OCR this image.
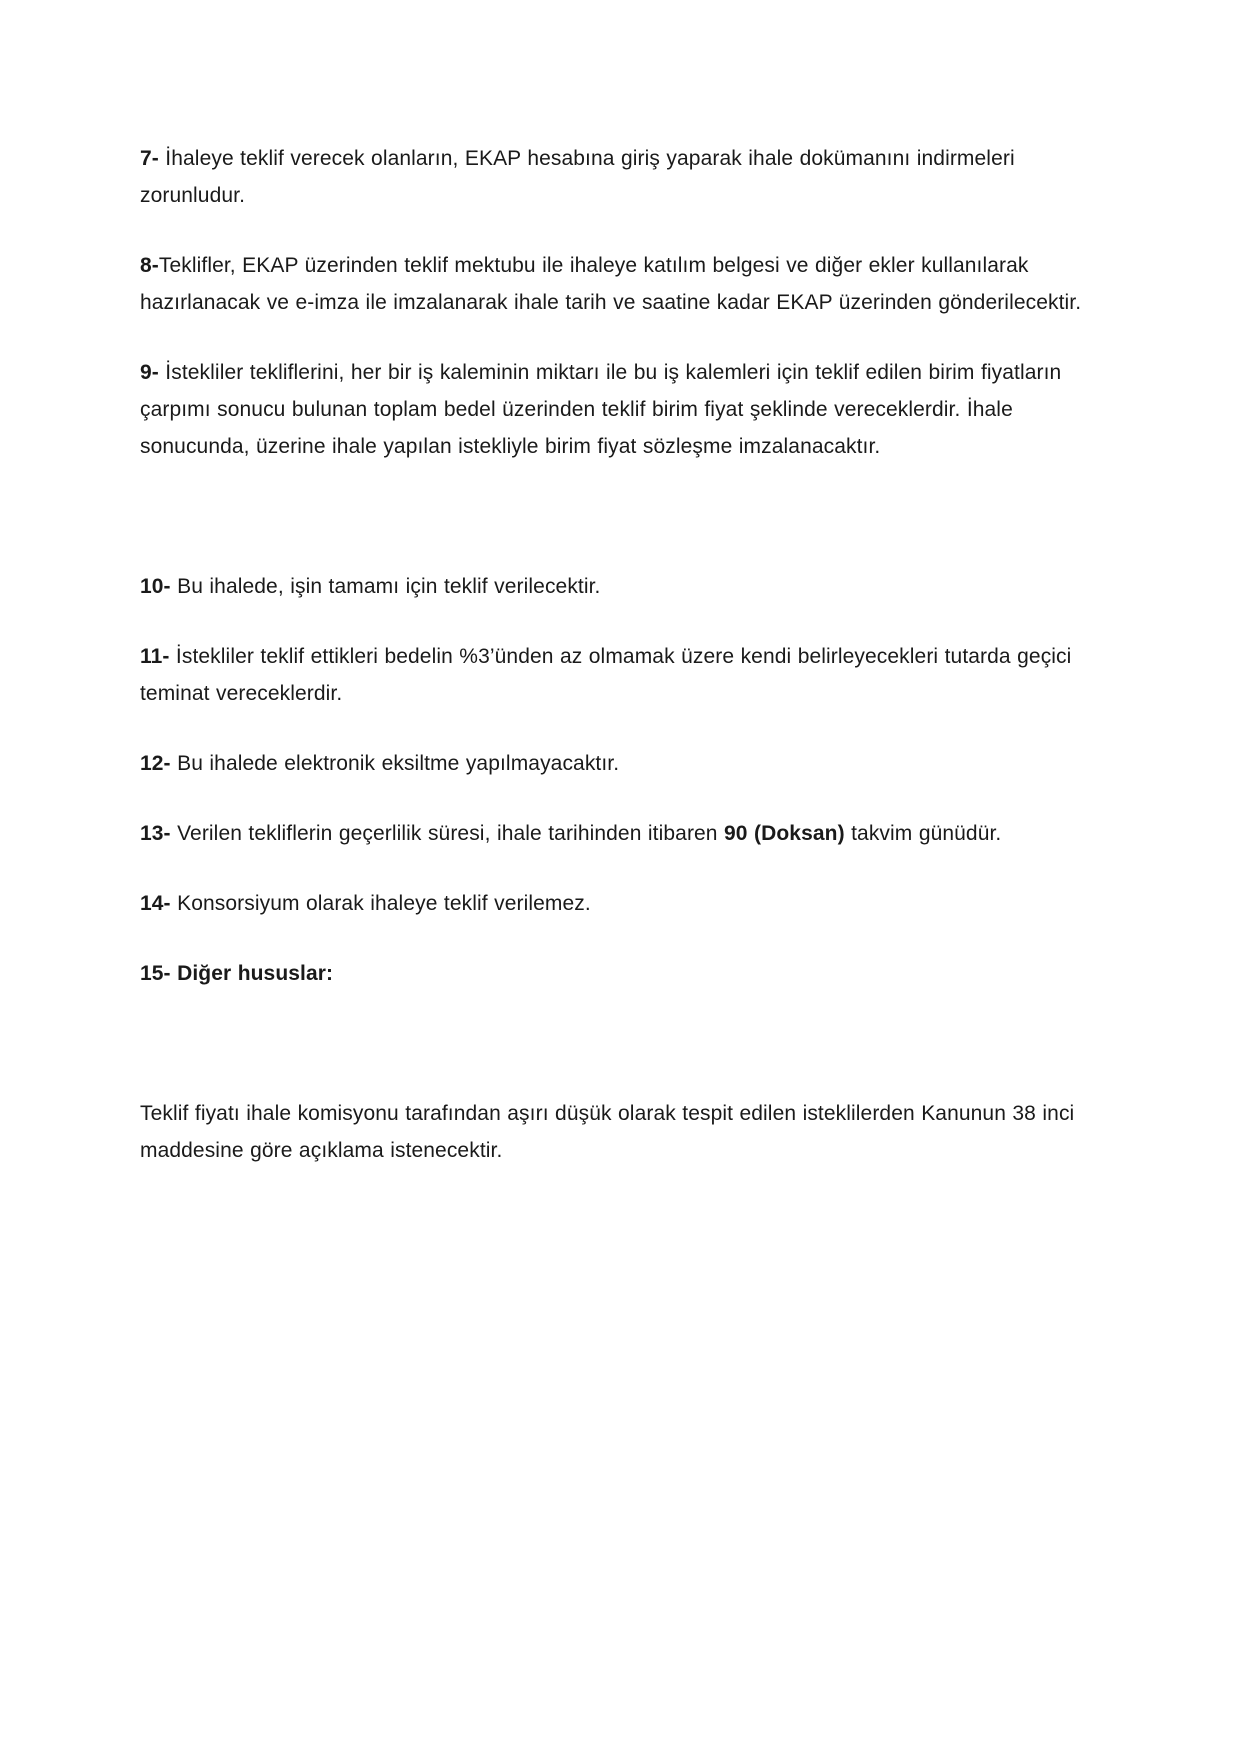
7- İhaleye teklif verecek olanların, EKAP hesabına giriş yaparak ihale dokümanını indirmeleri zorunludur.

8-Teklifler, EKAP üzerinden teklif mektubu ile ihaleye katılım belgesi ve diğer ekler kullanılarak hazırlanacak ve e-imza ile imzalanarak ihale tarih ve saatine kadar EKAP üzerinden gönderilecektir.

9- İstekliler tekliflerini, her bir iş kaleminin miktarı ile bu iş kalemleri için teklif edilen birim fiyatların çarpımı sonucu bulunan toplam bedel üzerinden teklif birim fiyat şeklinde vereceklerdir. İhale sonucunda, üzerine ihale yapılan istekliyle birim fiyat sözleşme imzalanacaktır.

10- Bu ihalede, işin tamamı için teklif verilecektir.

11- İstekliler teklif ettikleri bedelin %3’ünden az olmamak üzere kendi belirleyecekleri tutarda geçici teminat vereceklerdir.

12- Bu ihalede elektronik eksiltme yapılmayacaktır.

13- Verilen tekliflerin geçerlilik süresi, ihale tarihinden itibaren 90 (Doksan) takvim günüdür.

14- Konsorsiyum olarak ihaleye teklif verilemez.

15- Diğer hususlar:

Teklif fiyatı ihale komisyonu tarafından aşırı düşük olarak tespit edilen isteklilerden Kanunun 38 inci maddesine göre açıklama istenecektir.
